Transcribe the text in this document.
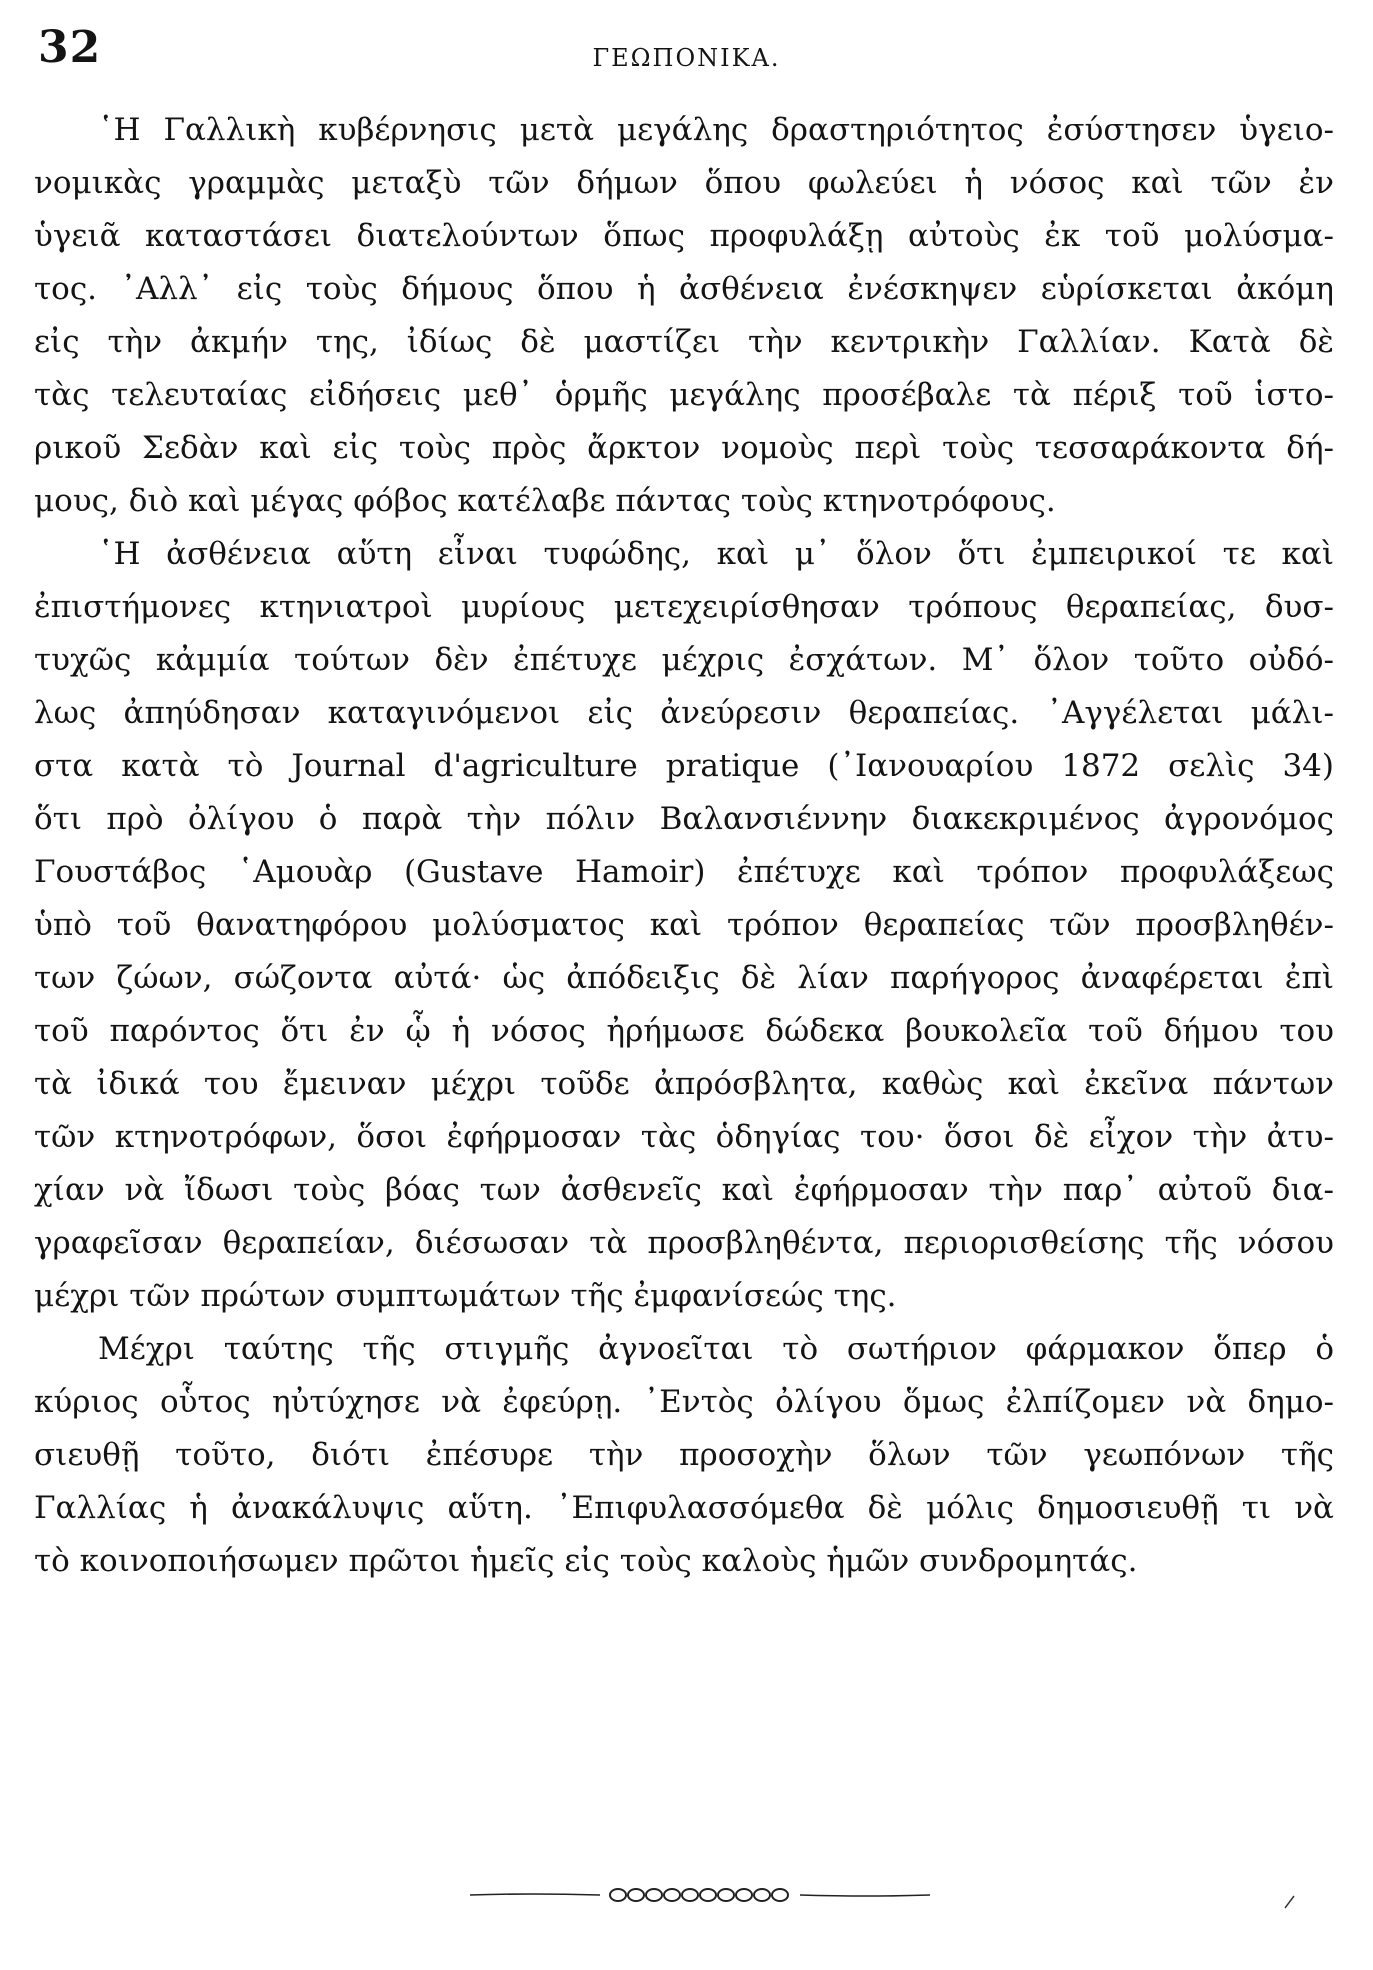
32	ΓΕΩΠΟΝΙΚΑ.
῾Η Γαλλικὴ κυβέρνησις μετὰ μεγάλης δραστηριότητος ἐσύστησεν ὑγειο-
νομικὰς γραμμὰς μεταξὺ τῶν δήμων ὅπου φωλεύει ἡ νόσος καὶ τῶν ἐν
ὑγειᾶ καταστάσει διατελούντων ὅπως προφυλάξῃ αὐτοὺς ἐκ τοῦ μολύσμα-
τος. ᾿Αλλ᾿ εἰς τοὺς δήμους ὅπου ἡ ἀσθένεια ἐνέσκηψεν εὑρίσκεται ἀκόμη
εἰς τὴν ἀκμήν της, ἰδίως δὲ μαστίζει τὴν κεντρικὴν Γαλλίαν. Κατὰ δὲ
τὰς τελευταίας εἰδήσεις μεθ᾿ ὁρμῆς μεγάλης προσέβαλε τὰ πέριξ τοῦ ἱστο-
ρικοῦ Σεδὰν καὶ εἰς τοὺς πρὸς ἄρκτον νομοὺς περὶ τοὺς τεσσαράκοντα δή-
μους, διὸ καὶ μέγας φόβος κατέλαβε πάντας τοὺς κτηνοτρόφους.
῾Η ἀσθένεια αὕτη εἶναι τυφώδης, καὶ μ᾿ ὅλον ὅτι ἐμπειρικοί τε καὶ
ἐπιστήμονες κτηνιατροὶ μυρίους μετεχειρίσθησαν τρόπους θεραπείας, δυσ-
τυχῶς κἀμμία τούτων δὲν ἐπέτυχε μέχρις ἐσχάτων. Μ᾿ ὅλον τοῦτο οὐδό-
λως ἀπηύδησαν καταγινόμενοι εἰς ἀνεύρεσιν θεραπείας. ᾿Αγγέλεται μάλι-
στα κατὰ τὸ Journal d'agriculture pratique (᾿Ιανουαρίου 1872 σελὶς 34)
ὅτι πρὸ ὀλίγου ὁ παρὰ τὴν πόλιν Βαλανσιέννην διακεκριμένος ἀγρονόμος
Γουστάβος ῾Αμουὰρ (Gustave Hamoir) ἐπέτυχε καὶ τρόπον προφυλάξεως
ὑπὸ τοῦ θανατηφόρου μολύσματος καὶ τρόπον θεραπείας τῶν προσβληθέν-
των ζώων, σώζοντα αὐτά· ὡς ἀπόδειξις δὲ λίαν παρήγορος ἀναφέρεται ἐπὶ
τοῦ παρόντος ὅτι ἐν ᾧ ἡ νόσος ἠρήμωσε δώδεκα βουκολεῖα τοῦ δήμου του
τὰ ἰδικά του ἔμειναν μέχρι τοῦδε ἀπρόσβλητα, καθὼς καὶ ἐκεῖνα πάντων
τῶν κτηνοτρόφων, ὅσοι ἐφήρμοσαν τὰς ὁδηγίας του· ὅσοι δὲ εἶχον τὴν ἀτυ-
χίαν νὰ ἴδωσι τοὺς βόας των ἀσθενεῖς καὶ ἐφήρμοσαν τὴν παρ᾿ αὐτοῦ δια-
γραφεῖσαν θεραπείαν, διέσωσαν τὰ προσβληθέντα, περιορισθείσης τῆς νόσου
μέχρι τῶν πρώτων συμπτωμάτων τῆς ἐμφανίσεώς της.
Μέχρι ταύτης τῆς στιγμῆς ἀγνοεῖται τὸ σωτήριον φάρμακον ὅπερ ὁ
κύριος οὗτος ηὐτύχησε νὰ ἐφεύρῃ. ᾿Εντὸς ὀλίγου ὅμως ἐλπίζομεν νὰ δημο-
σιευθῇ τοῦτο, διότι ἐπέσυρε τὴν προσοχὴν ὅλων τῶν γεωπόνων τῆς
Γαλλίας ἡ ἀνακάλυψις αὕτη. ᾿Επιφυλασσόμεθα δὲ μόλις δημοσιευθῇ τι νὰ
τὸ κοινοποιήσωμεν πρῶτοι ἡμεῖς εἰς τοὺς καλοὺς ἡμῶν συνδρομητάς.
